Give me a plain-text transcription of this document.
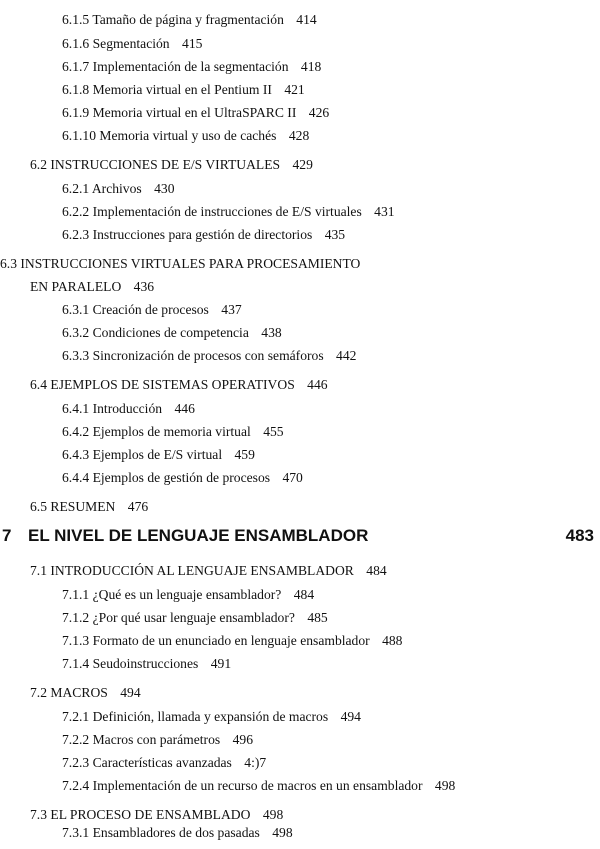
6.1.5 Tamaño de página y fragmentación 414
6.1.6 Segmentación 415
6.1.7 Implementación de la segmentación 418
6.1.8 Memoria virtual en el Pentium II 421
6.1.9 Memoria virtual en el UltraSPARC II 426
6.1.10 Memoria virtual y uso de cachés 428
6.2 INSTRUCCIONES DE E/S VIRTUALES 429
6.2.1 Archivos 430
6.2.2 Implementación de instrucciones de E/S virtuales 431
6.2.3 Instrucciones para gestión de directorios 435
6.3 INSTRUCCIONES VIRTUALES PARA PROCESAMIENTO
EN PARALELO 436
6.3.1 Creación de procesos 437
6.3.2 Condiciones de competencia 438
6.3.3 Sincronización de procesos con semáforos 442
6.4 EJEMPLOS DE SISTEMAS OPERATIVOS 446
6.4.1 Introducción 446
6.4.2 Ejemplos de memoria virtual 455
6.4.3 Ejemplos de E/S virtual 459
6.4.4 Ejemplos de gestión de procesos 470
6.5 RESUMEN 476
7 EL NIVEL DE LENGUAJE ENSAMBLADOR	483
7.1 INTRODUCCIÓN AL LENGUAJE ENSAMBLADOR 484
7.1.1 ¿Qué es un lenguaje ensamblador? 484
7.1.2 ¿Por qué usar lenguaje ensamblador? 485
7.1.3 Formato de un enunciado en lenguaje ensamblador 488
7.1.4 Seudoinstrucciones 491
7.2 MACROS 494
7.2.1 Definición, llamada y expansión de macros 494
7.2.2 Macros con parámetros 496
7.2.3 Características avanzadas 4:)7
7.2.4 Implementación de un recurso de macros en un ensamblador 498
7.3 EL PROCESO DE ENSAMBLADO 498
7.3.1 Ensambladores de dos pasadas 498
